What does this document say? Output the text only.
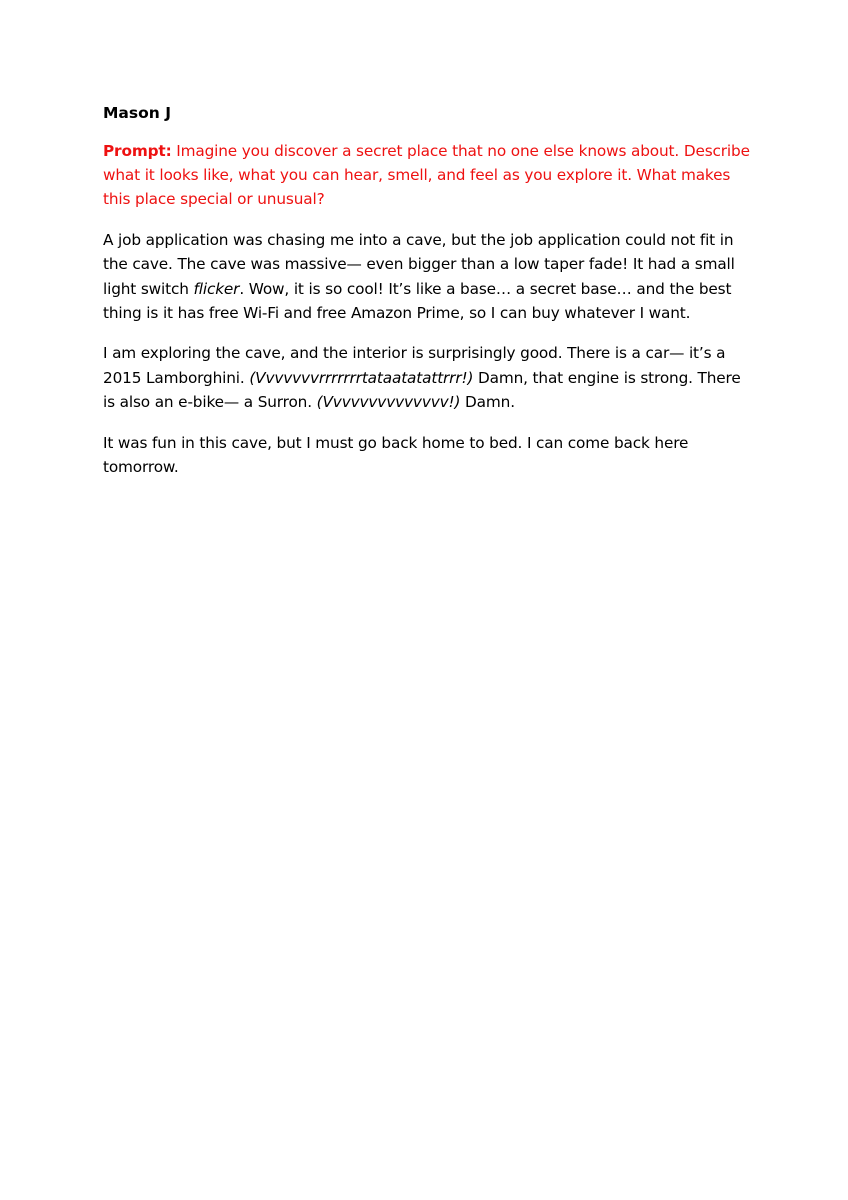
Mason J

Prompt: Imagine you discover a secret place that no one else knows about. Describe what it looks like, what you can hear, smell, and feel as you explore it. What makes this place special or unusual?

A job application was chasing me into a cave, but the job application could not fit in the cave. The cave was massive— even bigger than a low taper fade! It had a small light switch flicker. Wow, it is so cool! It’s like a base… a secret base… and the best thing is it has free Wi-Fi and free Amazon Prime, so I can buy whatever I want.

I am exploring the cave, and the interior is surprisingly good. There is a car— it’s a 2015 Lamborghini. (Vvvvvvvrrrrrrrtataatatattrrr!) Damn, that engine is strong. There is also an e-bike— a Surron. (Vvvvvvvvvvvvvv!) Damn.

It was fun in this cave, but I must go back home to bed. I can come back here tomorrow.
